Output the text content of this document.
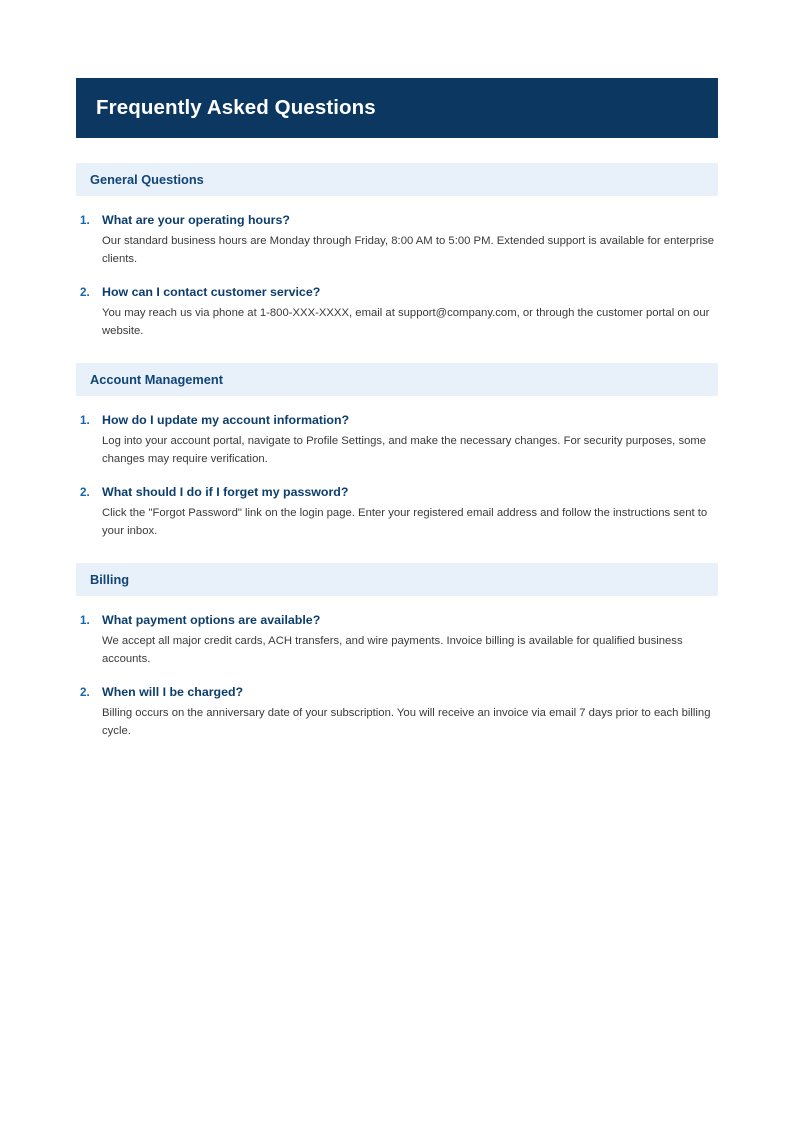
Frequently Asked Questions
General Questions
1. What are your operating hours?
Our standard business hours are Monday through Friday, 8:00 AM to 5:00 PM. Extended support is available for enterprise clients.
2. How can I contact customer service?
You may reach us via phone at 1-800-XXX-XXXX, email at support@company.com, or through the customer portal on our website.
Account Management
1. How do I update my account information?
Log into your account portal, navigate to Profile Settings, and make the necessary changes. For security purposes, some changes may require verification.
2. What should I do if I forget my password?
Click the "Forgot Password" link on the login page. Enter your registered email address and follow the instructions sent to your inbox.
Billing
1. What payment options are available?
We accept all major credit cards, ACH transfers, and wire payments. Invoice billing is available for qualified business accounts.
2. When will I be charged?
Billing occurs on the anniversary date of your subscription. You will receive an invoice via email 7 days prior to each billing cycle.
